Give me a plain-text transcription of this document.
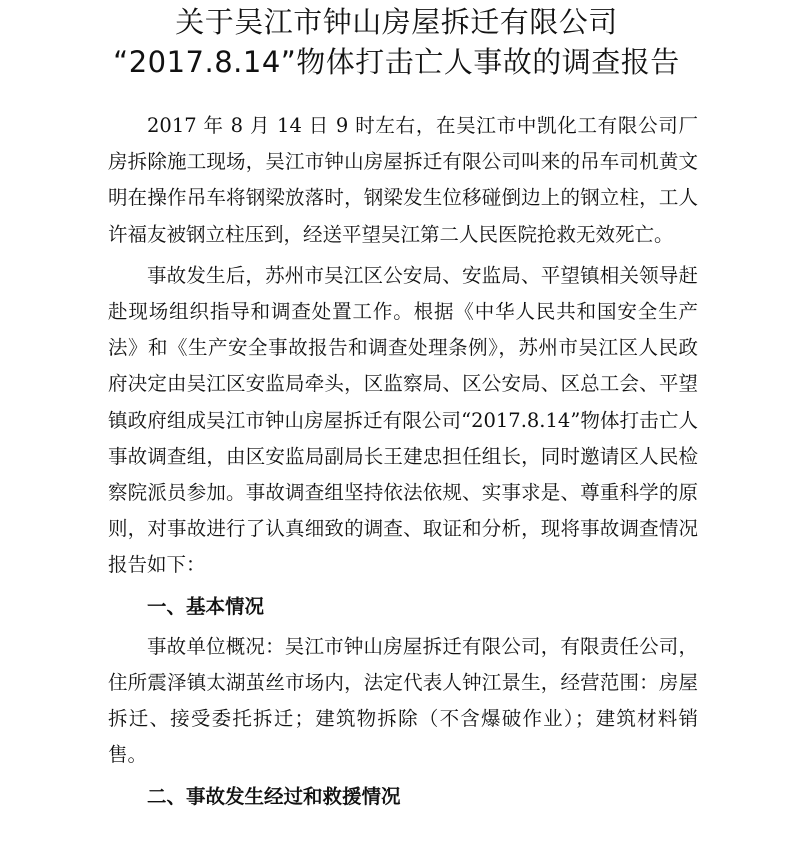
关于吴江市钟山房屋拆迁有限公司
“2017.8.14”物体打击亡人事故的调查报告

2017 年 8 月 14 日 9 时左右，在吴江市中凯化工有限公司厂房拆除施工现场，吴江市钟山房屋拆迁有限公司叫来的吊车司机黄文明在操作吊车将钢梁放落时，钢梁发生位移碰倒边上的钢立柱，工人许福友被钢立柱压到，经送平望吴江第二人民医院抢救无效死亡。

事故发生后，苏州市吴江区公安局、安监局、平望镇相关领导赶赴现场组织指导和调查处置工作。根据《中华人民共和国安全生产法》和《生产安全事故报告和调查处理条例》，苏州市吴江区人民政府决定由吴江区安监局牵头，区监察局、区公安局、区总工会、平望镇政府组成吴江市钟山房屋拆迁有限公司“2017.8.14”物体打击亡人事故调查组，由区安监局副局长王建忠担任组长，同时邀请区人民检察院派员参加。事故调查组坚持依法依规、实事求是、尊重科学的原则，对事故进行了认真细致的调查、取证和分析，现将事故调查情况报告如下：

一、基本情况

事故单位概况：吴江市钟山房屋拆迁有限公司，有限责任公司，住所震泽镇太湖茧丝市场内，法定代表人钟江景生，经营范围：房屋拆迁、接受委托拆迁；建筑物拆除（不含爆破作业）；建筑材料销售。

二、事故发生经过和救援情况
